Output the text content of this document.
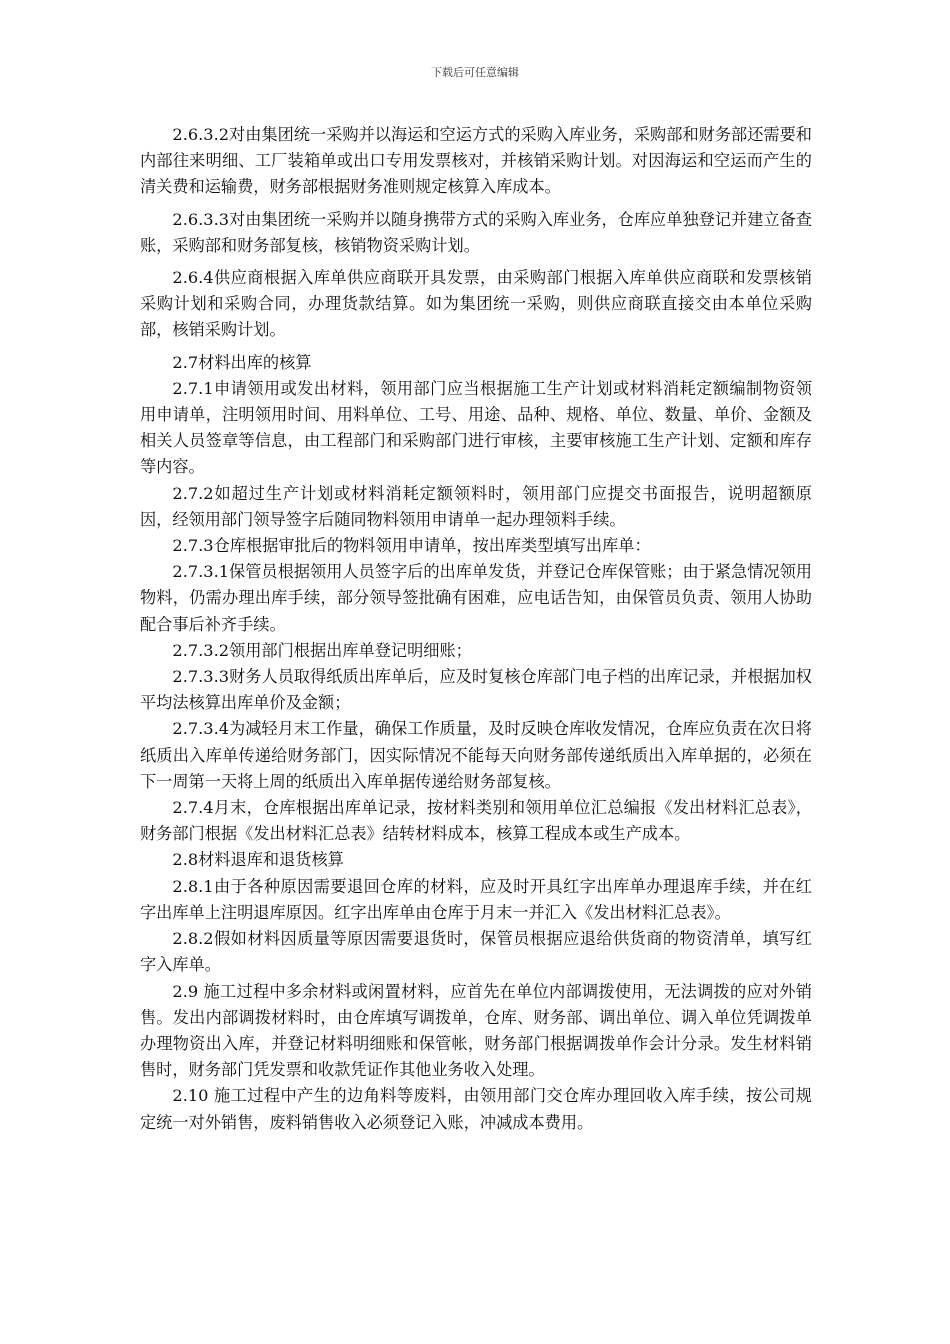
下载后可任意编辑

2.6.3.2对由集团统一采购并以海运和空运方式的采购入库业务，采购部和财务部还需要和内部往来明细、工厂装箱单或出口专用发票核对，并核销采购计划。对因海运和空运而产生的清关费和运输费，财务部根据财务准则规定核算入库成本。

2.6.3.3对由集团统一采购并以随身携带方式的采购入库业务，仓库应单独登记并建立备查账，采购部和财务部复核，核销物资采购计划。

2.6.4供应商根据入库单供应商联开具发票，由采购部门根据入库单供应商联和发票核销采购计划和采购合同，办理货款结算。如为集团统一采购，则供应商联直接交由本单位采购部，核销采购计划。

2.7材料出库的核算

2.7.1申请领用或发出材料，领用部门应当根据施工生产计划或材料消耗定额编制物资领用申请单，注明领用时间、用料单位、工号、用途、品种、规格、单位、数量、单价、金额及相关人员签章等信息，由工程部门和采购部门进行审核，主要审核施工生产计划、定额和库存等内容。

2.7.2如超过生产计划或材料消耗定额领料时，领用部门应提交书面报告，说明超额原因，经领用部门领导签字后随同物料领用申请单一起办理领料手续。

2.7.3仓库根据审批后的物料领用申请单，按出库类型填写出库单：

2.7.3.1保管员根据领用人员签字后的出库单发货，并登记仓库保管账；由于紧急情况领用物料，仍需办理出库手续，部分领导签批确有困难，应电话告知，由保管员负责、领用人协助配合事后补齐手续。

2.7.3.2领用部门根据出库单登记明细账；

2.7.3.3财务人员取得纸质出库单后，应及时复核仓库部门电子档的出库记录，并根据加权平均法核算出库单价及金额；

2.7.3.4为减轻月末工作量，确保工作质量，及时反映仓库收发情况，仓库应负责在次日将纸质出入库单传递给财务部门，因实际情况不能每天向财务部传递纸质出入库单据的，必须在下一周第一天将上周的纸质出入库单据传递给财务部复核。

2.7.4月末，仓库根据出库单记录，按材料类别和领用单位汇总编报《发出材料汇总表》，财务部门根据《发出材料汇总表》结转材料成本，核算工程成本或生产成本。

2.8材料退库和退货核算

2.8.1由于各种原因需要退回仓库的材料，应及时开具红字出库单办理退库手续，并在红字出库单上注明退库原因。红字出库单由仓库于月末一并汇入《发出材料汇总表》。

2.8.2假如材料因质量等原因需要退货时，保管员根据应退给供货商的物资清单，填写红字入库单。

2.9 施工过程中多余材料或闲置材料，应首先在单位内部调拨使用，无法调拨的应对外销售。发出内部调拨材料时，由仓库填写调拨单，仓库、财务部、调出单位、调入单位凭调拨单办理物资出入库，并登记材料明细账和保管帐，财务部门根据调拨单作会计分录。发生材料销售时，财务部门凭发票和收款凭证作其他业务收入处理。

2.10 施工过程中产生的边角料等废料，由领用部门交仓库办理回收入库手续，按公司规定统一对外销售，废料销售收入必须登记入账，冲减成本费用。
